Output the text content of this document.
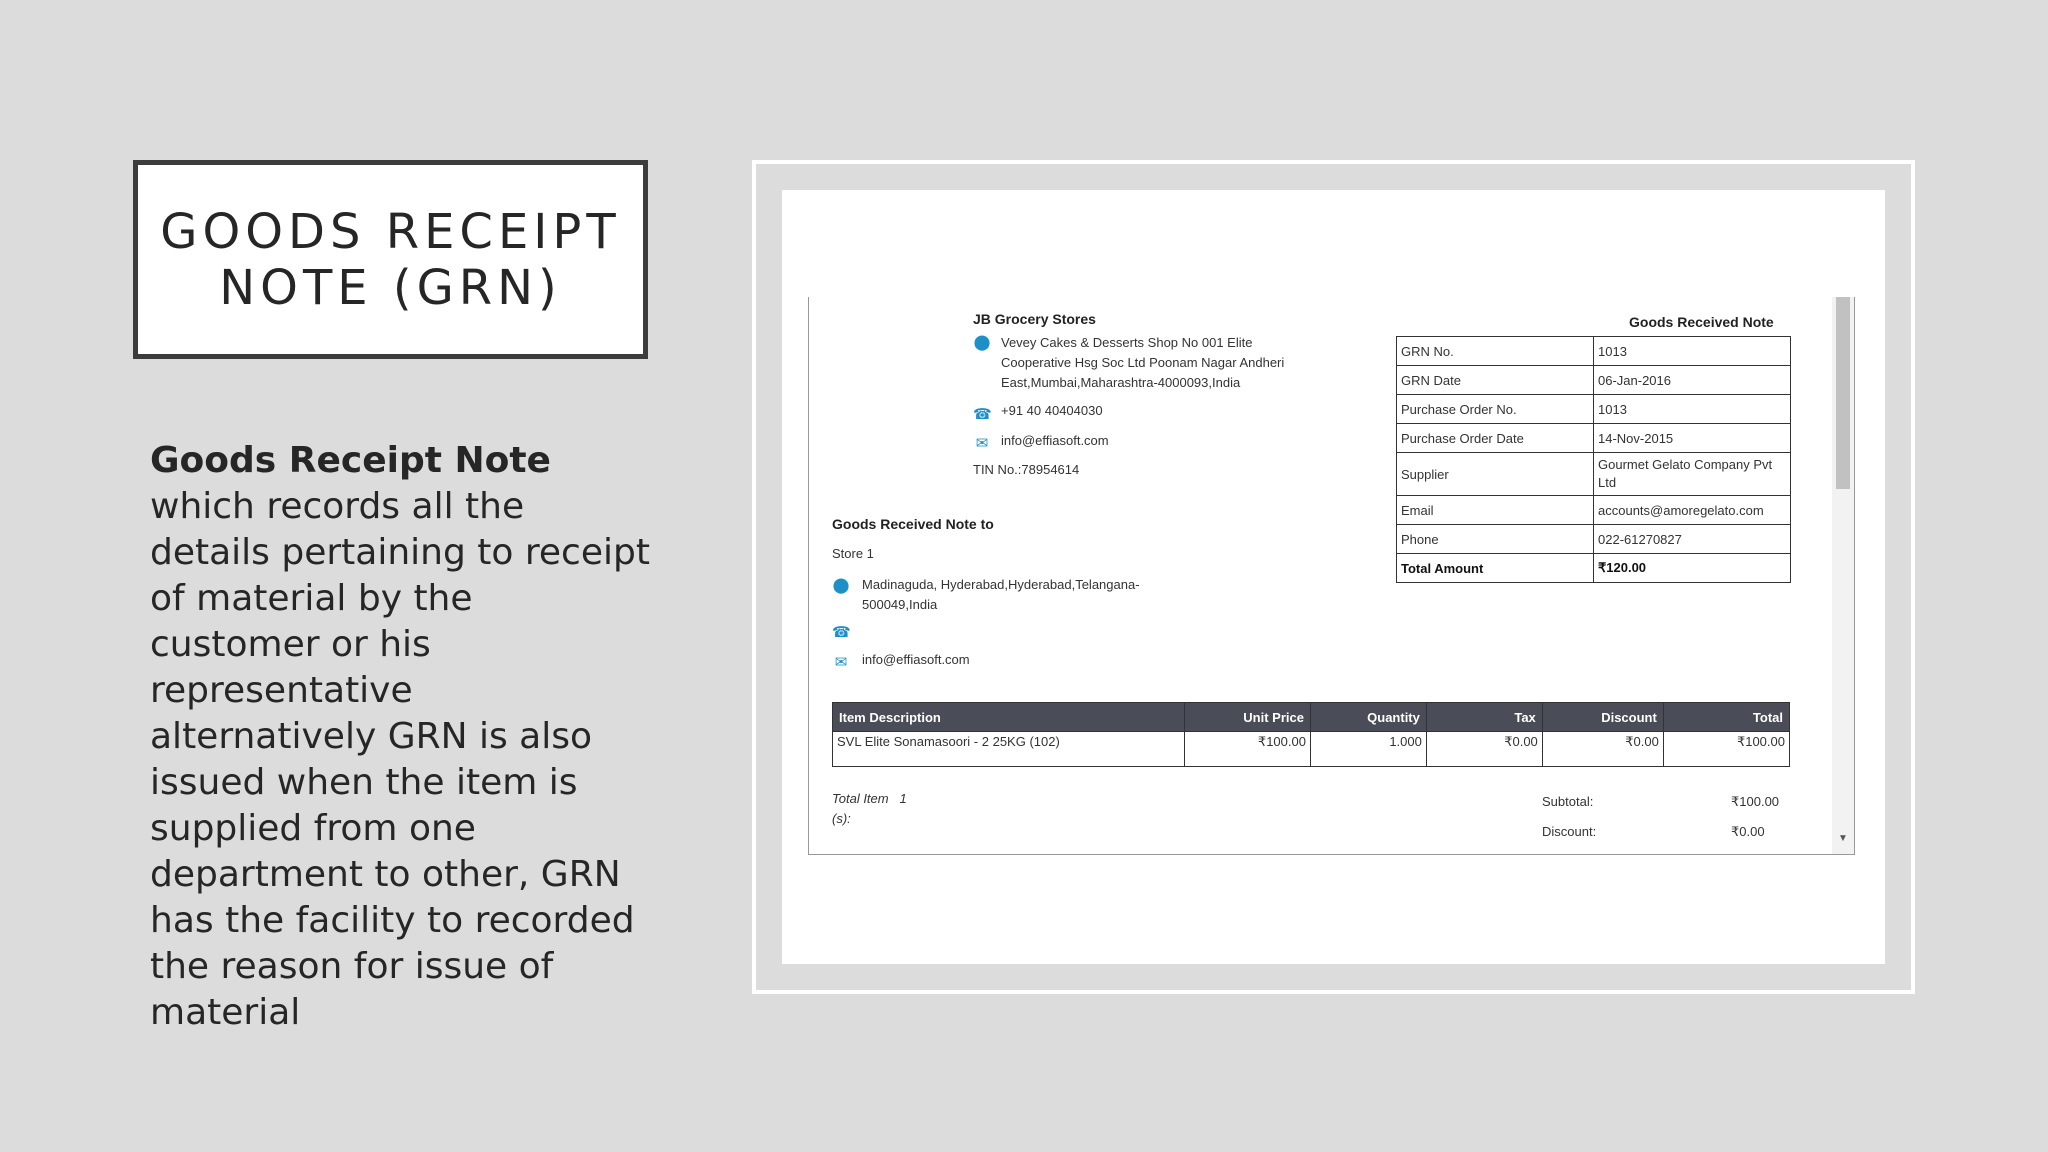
GOODS RECEIPT
NOTE (GRN)
Goods Receipt Note which records all the details pertaining to receipt of material by the customer or his representative alternatively GRN is also issued when the item is supplied from one department to other, GRN has the facility to recorded the reason for issue of material
JB Grocery Stores
⬤ Vevey Cakes & Desserts Shop No 001 Elite
Cooperative Hsg Soc Ltd Poonam Nagar Andheri
East,Mumbai,Maharashtra-4000093,India
☎ +91 40 40404030
✉ info@effiasoft.com
TIN No.:78954614
Goods Received Note
GRN No.	1013
GRN Date	06-Jan-2016
Purchase Order No.	1013
Purchase Order Date	14-Nov-2015
Supplier	Gourmet Gelato Company Pvt Ltd
Email	accounts@amoregelato.com
Phone	022-61270827
Total Amount	₹120.00
Goods Received Note to
Store 1
⬤ Madinaguda, Hyderabad,Hyderabad,Telangana-
500049,India
☎
✉ info@effiasoft.com
Item Description	Unit Price	Quantity	Tax	Discount	Total
SVL Elite Sonamasoori - 2 25KG (102)	₹100.00	1.000	₹0.00	₹0.00	₹100.00
Total Item 1
(s):
Subtotal:	₹100.00
Discount:	₹0.00	▼
